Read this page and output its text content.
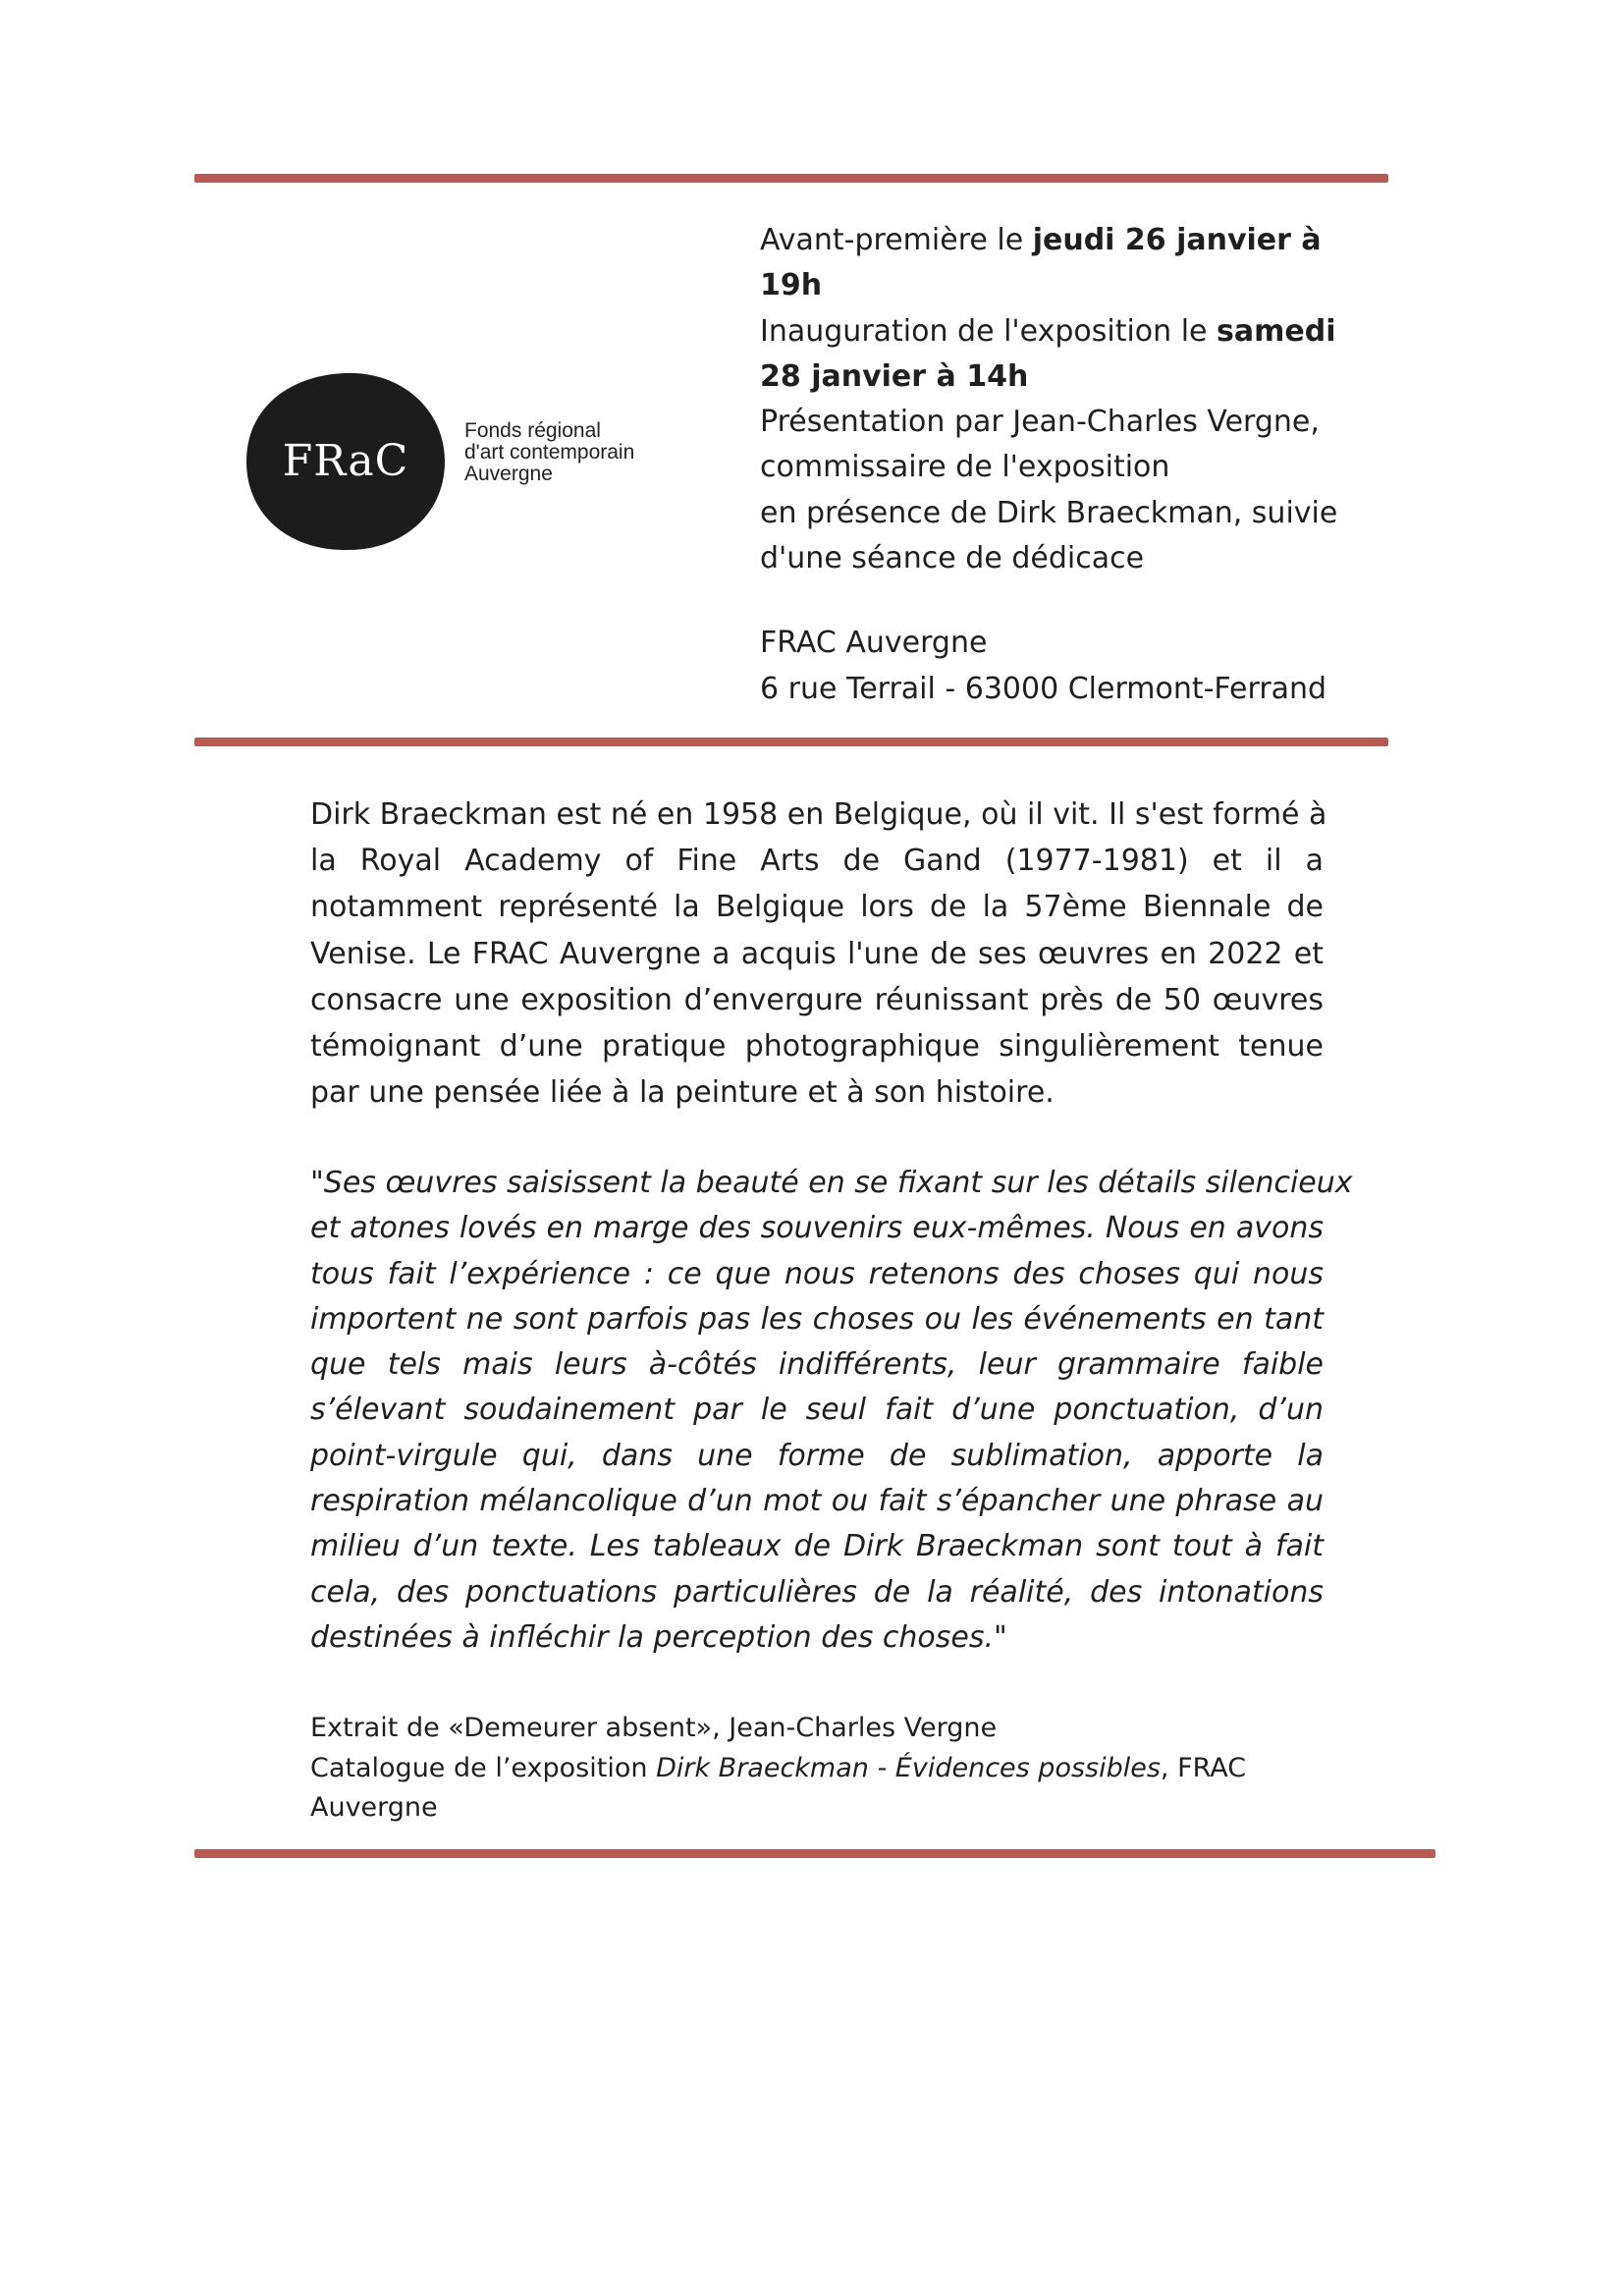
FRaC
Fonds régional
d'art contemporain
Auvergne
Avant-première le jeudi 26 janvier à
19h
Inauguration de l'exposition le samedi
28 janvier à 14h
Présentation par Jean-Charles Vergne,
commissaire de l'exposition
en présence de Dirk Braeckman, suivie
d'une séance de dédicace
FRAC Auvergne
6 rue Terrail - 63000 Clermont-Ferrand
Dirk Braeckman est né en 1958 en Belgique, où il vit. Il s'est formé à
la Royal Academy of Fine Arts de Gand (1977-1981) et il a
notamment représenté la Belgique lors de la 57ème Biennale de
Venise. Le FRAC Auvergne a acquis l'une de ses œuvres en 2022 et
consacre une exposition d’envergure réunissant près de 50 œuvres
témoignant d’une pratique photographique singulièrement tenue
par une pensée liée à la peinture et à son histoire.
"Ses œuvres saisissent la beauté en se fixant sur les détails silencieux
et atones lovés en marge des souvenirs eux-mêmes. Nous en avons
tous fait l’expérience : ce que nous retenons des choses qui nous
importent ne sont parfois pas les choses ou les événements en tant
que tels mais leurs à-côtés indifférents, leur grammaire faible
s’élevant soudainement par le seul fait d’une ponctuation, d’un
point-virgule qui, dans une forme de sublimation, apporte la
respiration mélancolique d’un mot ou fait s’épancher une phrase au
milieu d’un texte. Les tableaux de Dirk Braeckman sont tout à fait
cela, des ponctuations particulières de la réalité, des intonations
destinées à infléchir la perception des choses."
Extrait de «Demeurer absent», Jean-Charles Vergne
Catalogue de l’exposition Dirk Braeckman - Évidences possibles, FRAC
Auvergne
